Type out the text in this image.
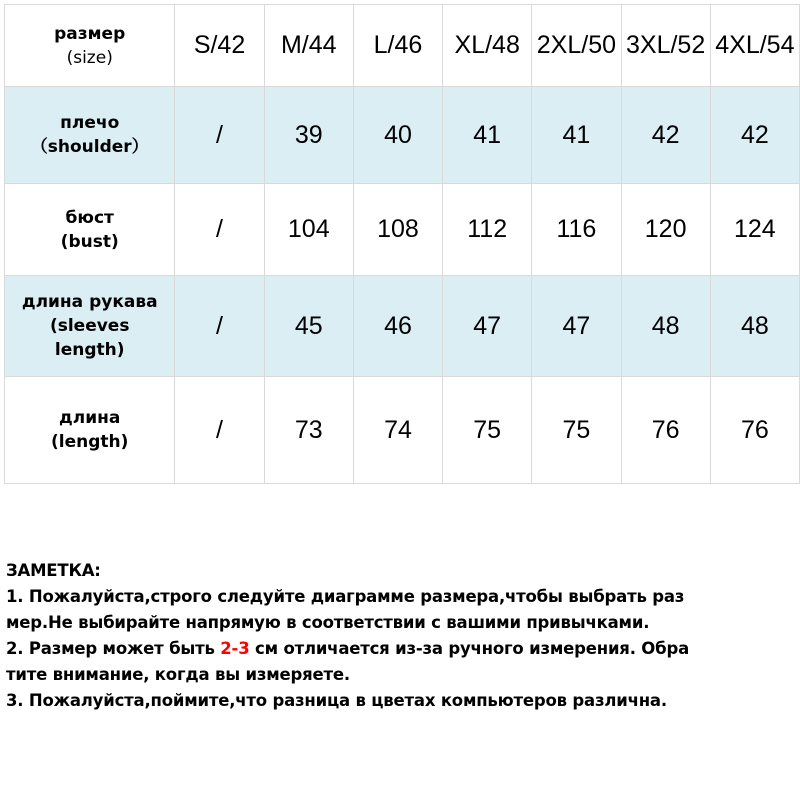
размер
(size)	S/42	M/44	L/46	XL/48	2XL/50	3XL/52	4XL/54

плечо
（shoulder）	/	39	40	41	41	42	42

бюст
(bust)	/	104	108	112	116	120	124

длина рукава
(sleeves
length)	/	45	46	47	47	48	48

длина
(length)	/	73	74	75	75	76	76

ЗАМЕТКА:

1. Пожалуйста,строго следуйте диаграмме размера,чтобы выбрать раз
мер.Не выбирайте напрямую в соответствии с вашими привычками.

2. Размер может быть 2-3 см отличается из-за ручного измерения. Обра
тите внимание, когда вы измеряете.

3. Пожалуйста,поймите,что разница в цветах компьютеров различна.
